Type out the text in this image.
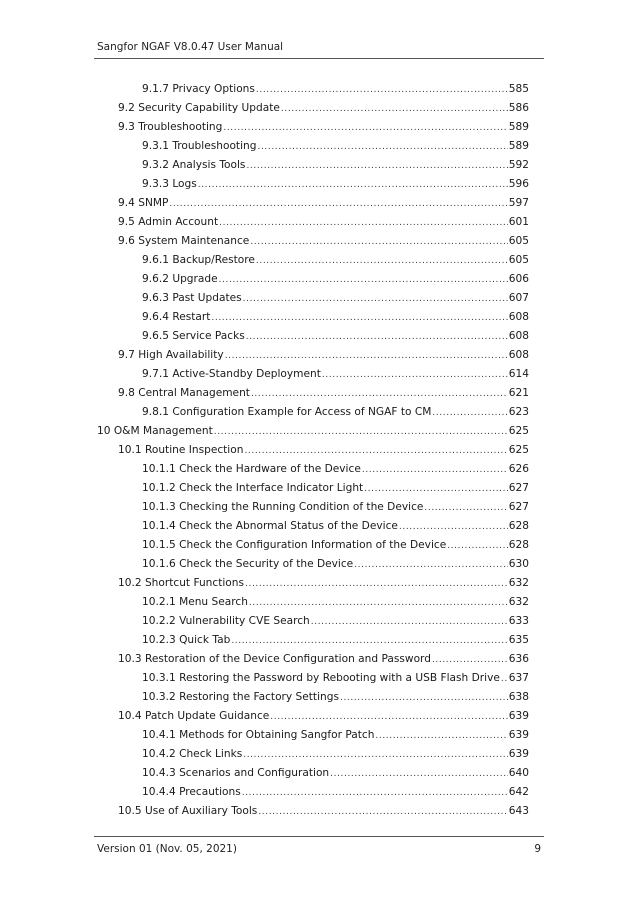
Sangfor NGAF V8.0.47 User Manual
9.1.7 Privacy Options .....	585
9.2 Security Capability Update .....	586
9.3 Troubleshooting .....	589
9.3.1 Troubleshooting .....	589
9.3.2 Analysis Tools .....	592
9.3.3 Logs .....	596
9.4 SNMP .....	597
9.5 Admin Account .....	601
9.6 System Maintenance .....	605
9.6.1 Backup/Restore .....	605
9.6.2 Upgrade .....	606
9.6.3 Past Updates .....	607
9.6.4 Restart .....	608
9.6.5 Service Packs .....	608
9.7 High Availability .....	608
9.7.1 Active-Standby Deployment .....	614
9.8 Central Management .....	621
9.8.1 Configuration Example for Access of NGAF to CM .....	623
10 O&M Management .....	625
10.1 Routine Inspection .....	625
10.1.1 Check the Hardware of the Device .....	626
10.1.2 Check the Interface Indicator Light .....	627
10.1.3 Checking the Running Condition of the Device .....	627
10.1.4 Check the Abnormal Status of the Device .....	628
10.1.5 Check the Configuration Information of the Device .....	628
10.1.6 Check the Security of the Device .....	630
10.2 Shortcut Functions .....	632
10.2.1 Menu Search .....	632
10.2.2 Vulnerability CVE Search .....	633
10.2.3 Quick Tab .....	635
10.3 Restoration of the Device Configuration and Password .....	636
10.3.1 Restoring the Password by Rebooting with a USB Flash Drive ..... 637
10.3.2 Restoring the Factory Settings .....	638
10.4 Patch Update Guidance .....	639
10.4.1 Methods for Obtaining Sangfor Patch .....	639
10.4.2 Check Links .....	639
10.4.3 Scenarios and Configuration .....	640
10.4.4 Precautions .....	642
10.5 Use of Auxiliary Tools .....	643
Version 01 (Nov. 05, 2021)	9
